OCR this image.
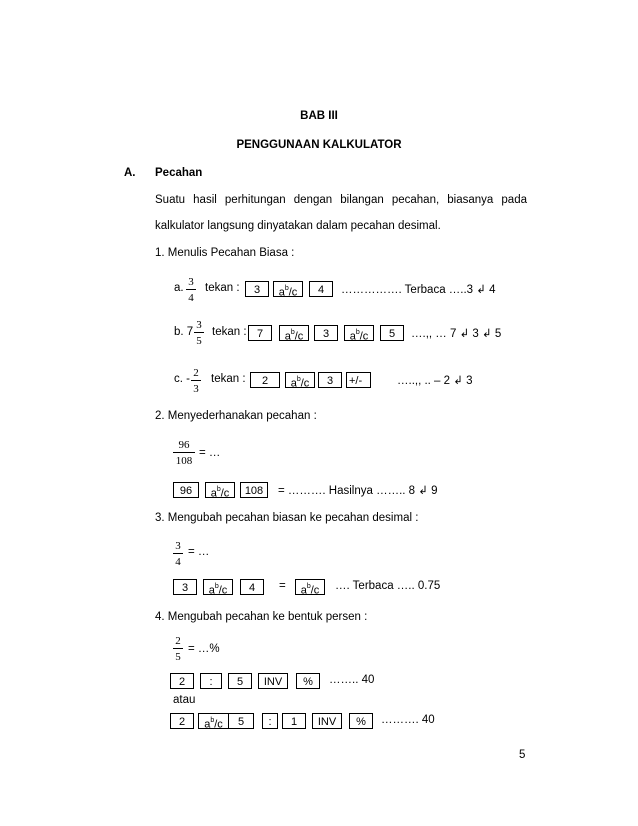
BAB III
PENGGUNAAN KALKULATOR
A. Pecahan
Suatu hasil perhitungan dengan bilangan pecahan, biasanya pada
kalkulator langsung dinyatakan dalam pecahan desimal.
1. Menulis Pecahan Biasa :
a. 3
4
tekan :	3	$a^b/c$	4	……………. Terbaca …..3 ↲ 4
b. 7
3
5
tekan : 7	$a^b/c$	3	$a^b/c$	5	….,, … 7 ↲ 3 ↲ 5
c. - 2
3
tekan :	2	$a^b/c$	3	+/-	…..,, .. – 2 ↲ 3
2. Menyederhanakan pecahan :
96
108
= …
96	$a^b/c$	108	= ………. Hasilnya …….. 8 ↲ 9
3. Mengubah pecahan biasan ke pecahan desimal :
3
4
= …
3	$a^b/c$	4	=	$a^b/c$	…. Terbaca ….. 0.75
4. Mengubah pecahan ke bentuk persen :
2
5
= …%
2	:	5	INV	%	…….. 40
atau
2	$a^b/c$	5	:	1	INV	%	………. 40
5
